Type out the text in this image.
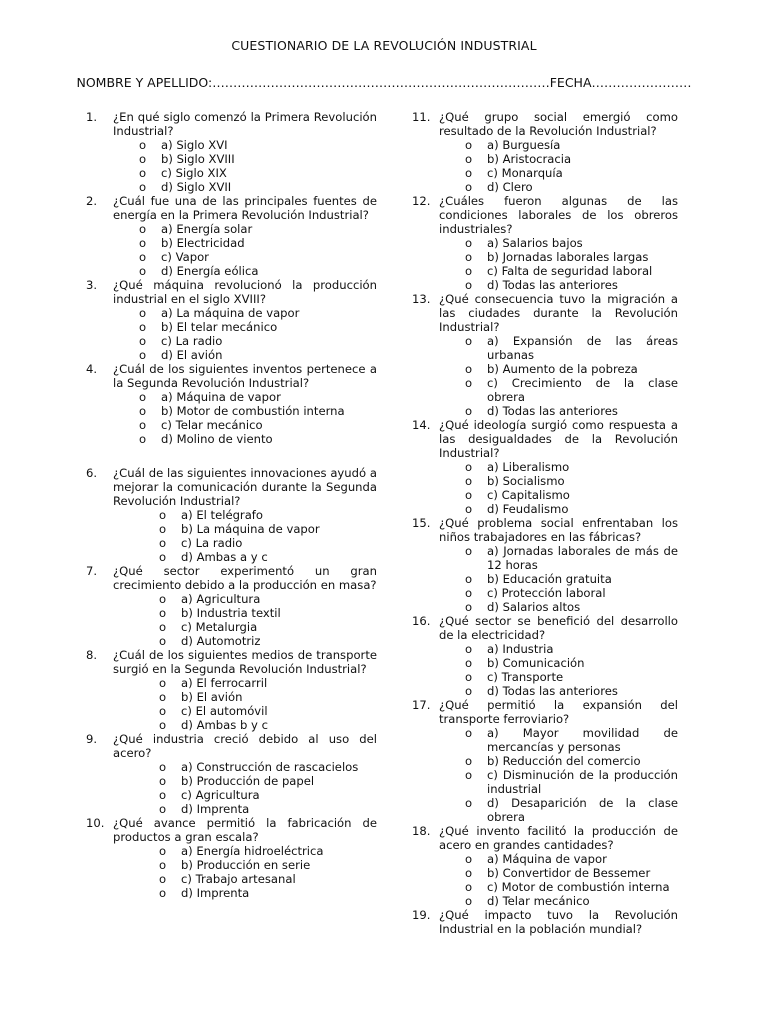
CUESTIONARIO DE LA REVOLUCIÓN INDUSTRIAL
NOMBRE Y APELLIDO:………………………………………………………………………FECHA……………………
1. ¿En qué siglo comenzó la Primera Revolución Industrial?
o a) Siglo XVI
o b) Siglo XVIII
o c) Siglo XIX
o d) Siglo XVII
2. ¿Cuál fue una de las principales fuentes de energía en la Primera Revolución Industrial?
o a) Energía solar
o b) Electricidad
o c) Vapor
o d) Energía eólica
3. ¿Qué máquina revolucionó la producción industrial en el siglo XVIII?
o a) La máquina de vapor
o b) El telar mecánico
o c) La radio
o d) El avión
4. ¿Cuál de los siguientes inventos pertenece a la Segunda Revolución Industrial?
o a) Máquina de vapor
o b) Motor de combustión interna
o c) Telar mecánico
o d) Molino de viento
6. ¿Cuál de las siguientes innovaciones ayudó a mejorar la comunicación durante la Segunda Revolución Industrial?
o a) El telégrafo
o b) La máquina de vapor
o c) La radio
o d) Ambas a y c
7. ¿Qué sector experimentó un gran crecimiento debido a la producción en masa?
o a) Agricultura
o b) Industria textil
o c) Metalurgia
o d) Automotriz
8. ¿Cuál de los siguientes medios de transporte surgió en la Segunda Revolución Industrial?
o a) El ferrocarril
o b) El avión
o c) El automóvil
o d) Ambas b y c
9. ¿Qué industria creció debido al uso del acero?
o a) Construcción de rascacielos
o b) Producción de papel
o c) Agricultura
o d) Imprenta
10. ¿Qué avance permitió la fabricación de productos a gran escala?
o a) Energía hidroeléctrica
o b) Producción en serie
o c) Trabajo artesanal
o d) Imprenta
11. ¿Qué grupo social emergió como resultado de la Revolución Industrial?
o a) Burguesía
o b) Aristocracia
o c) Monarquía
o d) Clero
12. ¿Cuáles fueron algunas de las condiciones laborales de los obreros industriales?
o a) Salarios bajos
o b) Jornadas laborales largas
o c) Falta de seguridad laboral
o d) Todas las anteriores
13. ¿Qué consecuencia tuvo la migración a las ciudades durante la Revolución Industrial?
o a) Expansión de las áreas urbanas
o b) Aumento de la pobreza
o c) Crecimiento de la clase obrera
o d) Todas las anteriores
14. ¿Qué ideología surgió como respuesta a las desigualdades de la Revolución Industrial?
o a) Liberalismo
o b) Socialismo
o c) Capitalismo
o d) Feudalismo
15. ¿Qué problema social enfrentaban los niños trabajadores en las fábricas?
o a) Jornadas laborales de más de 12 horas
o b) Educación gratuita
o c) Protección laboral
o d) Salarios altos
16. ¿Qué sector se benefició del desarrollo de la electricidad?
o a) Industria
o b) Comunicación
o c) Transporte
o d) Todas las anteriores
17. ¿Qué permitió la expansión del transporte ferroviario?
o a) Mayor movilidad de mercancías y personas
o b) Reducción del comercio
o c) Disminución de la producción industrial
o d) Desaparición de la clase obrera
18. ¿Qué invento facilitó la producción de acero en grandes cantidades?
o a) Máquina de vapor
o b) Convertidor de Bessemer
o c) Motor de combustión interna
o d) Telar mecánico
19. ¿Qué impacto tuvo la Revolución Industrial en la población mundial?
